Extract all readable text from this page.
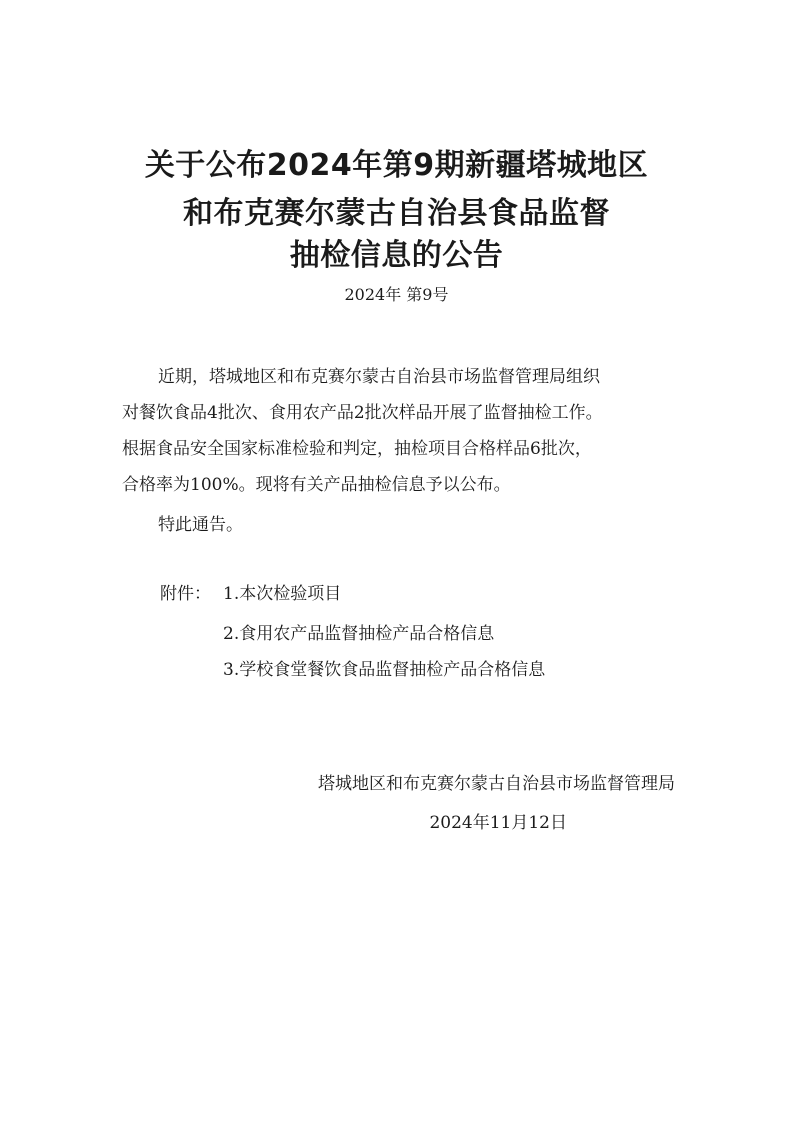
关于公布2024年第9期新疆塔城地区
和布克赛尔蒙古自治县食品监督
抽检信息的公告
2024年 第9号
近期，塔城地区和布克赛尔蒙古自治县市场监督管理局组织
对餐饮食品4批次、食用农产品2批次样品开展了监督抽检工作。
根据食品安全国家标准检验和判定，抽检项目合格样品6批次，
合格率为100%。现将有关产品抽检信息予以公布。
特此通告。
附件： 1.本次检验项目
2.食用农产品监督抽检产品合格信息
3.学校食堂餐饮食品监督抽检产品合格信息
塔城地区和布克赛尔蒙古自治县市场监督管理局
2024年11月12日
